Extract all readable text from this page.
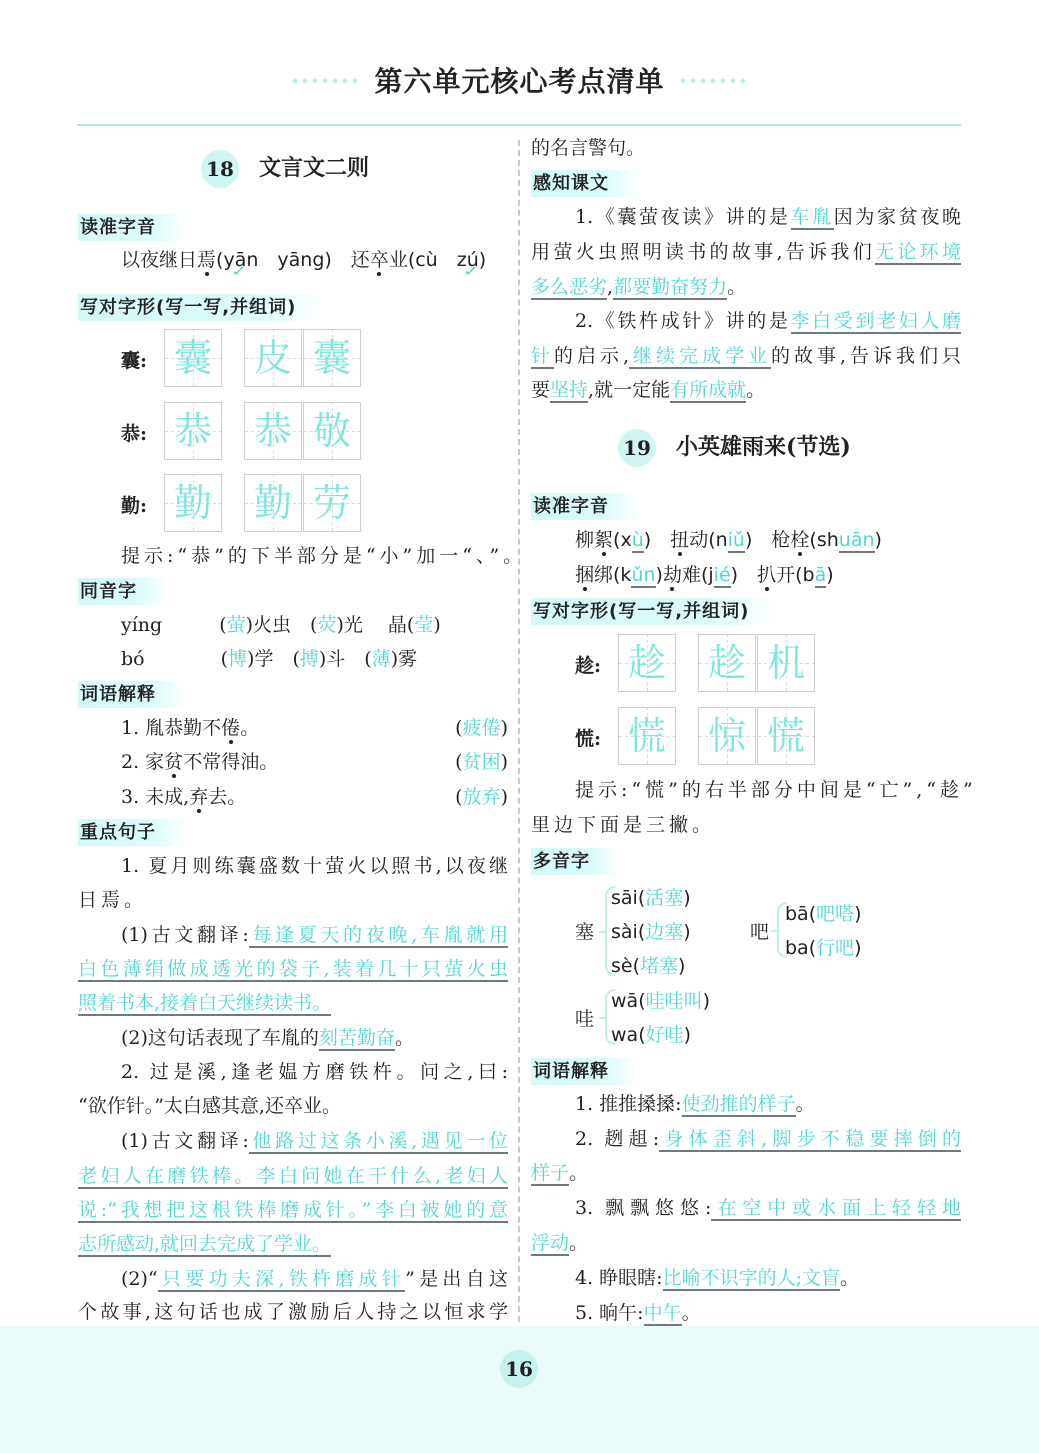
第六单元核心考点清单
16
18 文言文二则
读准字音
以夜继日焉(yā ✓n　yāng)　还卒业(cù　zú ✓)
写对字形(写一写,并组词)
囊: 囊 皮 囊
恭: 恭 恭 敬
勤: 勤 勤 劳
提示:“恭”的下半部分是“小”加一“、”。
同音字
yíng　　　(萤)火虫　(荧)光　 晶(莹)
bó　　　　(博)学　(搏)斗　(薄)雾
词语解释
1. 胤恭勤不倦。	(疲倦)
2. 家贫不常得油。	(贫困)
3. 未成,弃去。	(放弃)
重点句子
1. 夏月则练囊盛数十萤火以照书,以夜继
日焉。
(1)古文翻译:每逢夏天的夜晚,车胤就用
白色薄绢做成透光的袋子,装着几十只萤火虫
照着书本,接着白天继续读书。
(2)这句话表现了车胤的刻苦勤奋。
2. 过是溪,逢老媪方磨铁杵。问之,曰:
“欲作针。”太白感其意,还卒业。
(1)古文翻译:他路过这条小溪,遇见一位
老妇人在磨铁棒。李白问她在干什么,老妇人
说:“我想把这根铁棒磨成针。”李白被她的意
志所感动,就回去完成了学业。
(2)“只要功夫深,铁杵磨成针”是出自这
个故事,这句话也成了激励后人持之以恒求学
的名言警句。
感知课文
1.《囊萤夜读》讲的是车胤因为家贫夜晚
用萤火虫照明读书的故事,告诉我们无论环境
多么恶劣,都要勤奋努力。
2.《铁杵成针》讲的是李白受到老妇人磨
针的启示,继续完成学业的故事,告诉我们只
要坚持,就一定能有所成就。
19 小英雄雨来(节选)
读准字音
柳絮(xù)　扭动(niǔ)　枪栓(shuān)
捆绑(kǔn)劫难(jié)　扒开(bā)
写对字形(写一写,并组词)
趁: 趁 趁 机
慌: 慌 惊 慌
提示:“慌”的右半部分中间是“亡”,“趁”
里边下面是三撇。
多音字
词语解释
1. 推推搡搡:使劲推的样子。
2. 趔趄:身体歪斜,脚步不稳要摔倒的
样子。
3. 飘飘悠悠:在空中或水面上轻轻地
浮动。
4. 睁眼瞎:比喻不识字的人;文盲。
5. 晌午:中午。
塞
sāi(活塞)
sài(边塞)
sè(堵塞)
吧
bā(吧嗒)
ba(行吧)
哇
wā(哇哇叫)
wa(好哇)
